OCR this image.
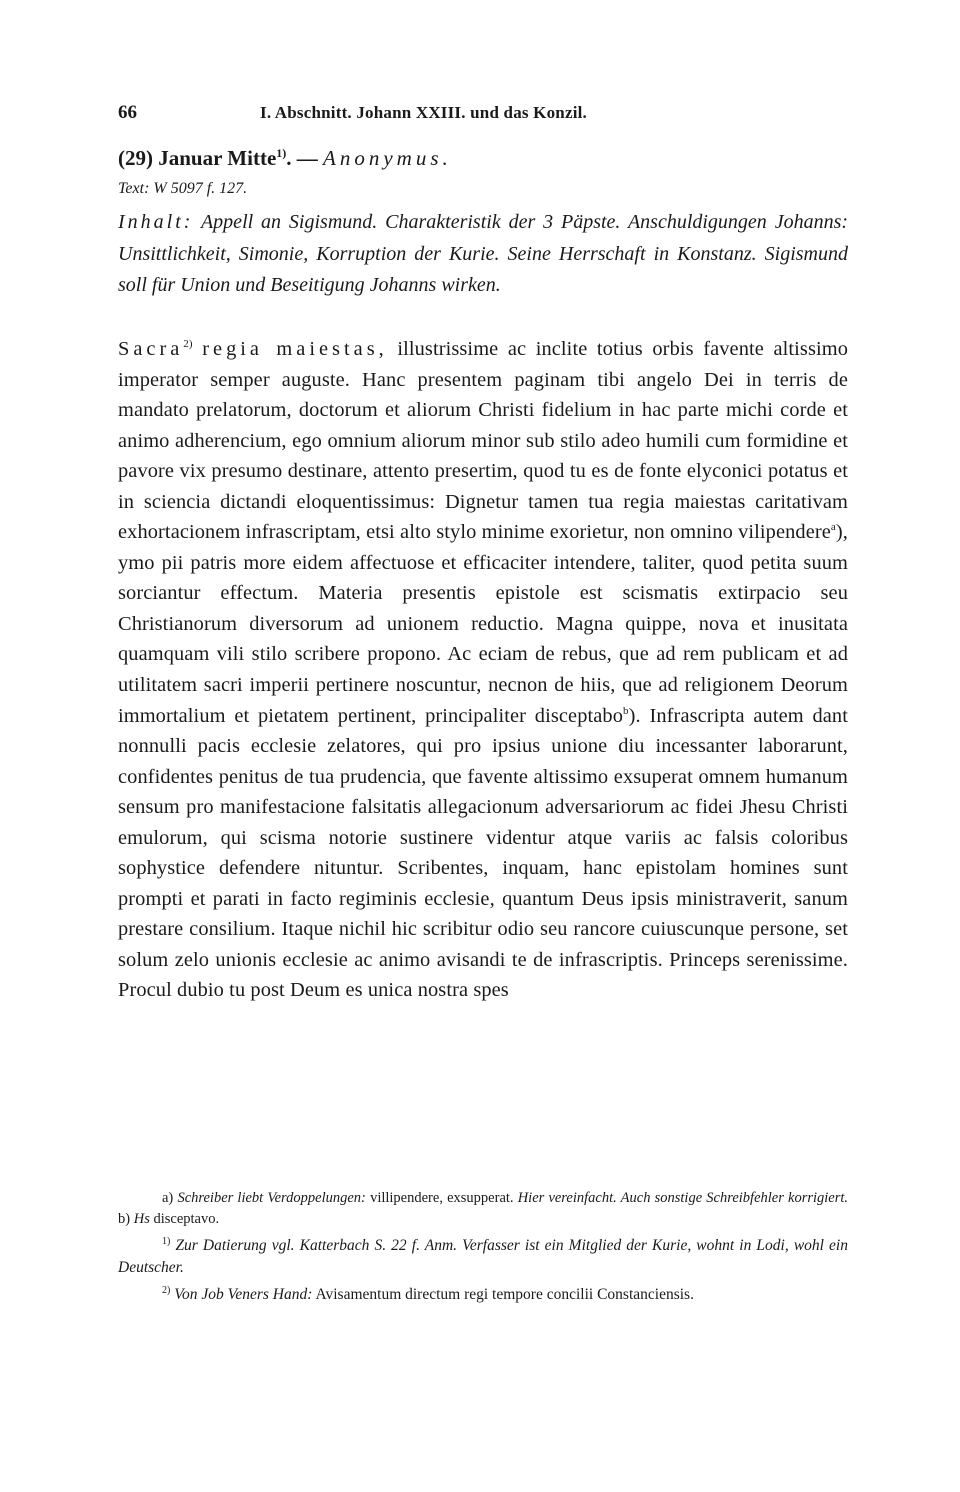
66	I. Abschnitt. Johann XXIII. und das Konzil.
(29) Januar Mitte$^{1)}$. — Anonymus.
Text: W 5097 f. 127.
Inhalt: Appell an Sigismund. Charakteristik der 3 Päpste. Anschuldigungen Johanns: Unsittlichkeit, Simonie, Korruption der Kurie. Seine Herrschaft in Konstanz. Sigismund soll für Union und Beseitigung Johanns wirken.
Sacra$^{2)}$ regia maiestas, illustrissime ac inclite totius orbis favente altissimo imperator semper auguste. Hanc presentem paginam tibi angelo Dei in terris de mandato prelatorum, doctorum et aliorum Christi fidelium in hac parte michi corde et animo adherencium, ego omnium aliorum minor sub stilo adeo humili cum formidine et pavore vix presumo destinare, attento presertim, quod tu es de fonte elyconici potatus et in sciencia dictandi eloquentissimus: Dignetur tamen tua regia maiestas caritativam exhortacionem infrascriptam, etsi alto stylo minime exorietur, non omnino vilipendere$^a$), ymo pii patris more eidem affectuose et efficaciter intendere, taliter, quod petita suum sorciantur effectum. Materia presentis epistole est scismatis extirpacio seu Christianorum diversorum ad unionem reductio. Magna quippe, nova et inusitata quamquam vili stilo scribere propono. Ac eciam de rebus, que ad rem publicam et ad utilitatem sacri imperii pertinere noscuntur, necnon de hiis, que ad religionem Deorum immortalium et pietatem pertinent, principaliter disceptabo$^b$). Infrascripta autem dant nonnulli pacis ecclesie zelatores, qui pro ipsius unione diu incessanter laborarunt, confidentes penitus de tua prudencia, que favente altissimo exsuperat omnem humanum sensum pro manifestacione falsitatis allegacionum adversariorum ac fidei Jhesu Christi emulorum, qui scisma notorie sustinere videntur atque variis ac falsis coloribus sophystice defendere nituntur. Scribentes, inquam, hanc epistolam homines sunt prompti et parati in facto regiminis ecclesie, quantum Deus ipsis ministraverit, sanum prestare consilium. Itaque nichil hic scribitur odio seu rancore cuiuscunque persone, set solum zelo unionis ecclesie ac animo avisandi te de infrascriptis. Princeps serenissime. Procul dubio tu post Deum es unica nostra spes

a) Schreiber liebt Verdoppelungen: villipendere, exsupperat. Hier vereinfacht. Auch sonstige Schreibfehler korrigiert. b) Hs disceptavo.

$^{1)}$ Zur Datierung vgl. Katterbach S. 22 f. Anm. Verfasser ist ein Mitglied der Kurie, wohnt in Lodi, wohl ein Deutscher.

$^{2)}$ Von Job Veners Hand: Avisamentum directum regi tempore concilii Constanciensis.
